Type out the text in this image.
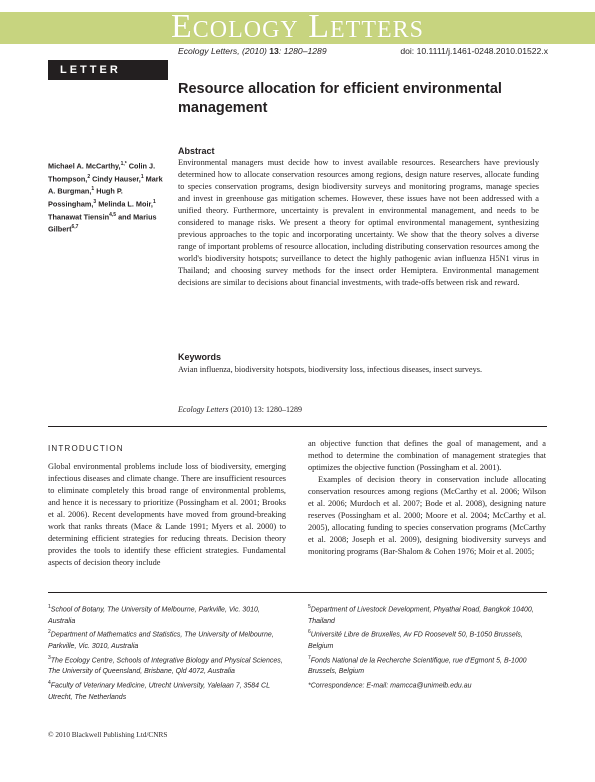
Ecology Letters
Ecology Letters, (2010) 13: 1280–1289	doi: 10.1111/j.1461-0248.2010.01522.x
LETTER
Resource allocation for efficient environmental management
Michael A. McCarthy,$^{1,*}$ Colin J. Thompson,$^2$ Cindy Hauser,$^1$ Mark A. Burgman,$^1$ Hugh P. Possingham,$^3$ Melinda L. Moir,$^1$ Thanawat Tiensin$^{4,5}$ and Marius Gilbert$^{6,7}$
Abstract
Environmental managers must decide how to invest available resources. Researchers have previously determined how to allocate conservation resources among regions, design nature reserves, allocate funding to species conservation programs, design biodiversity surveys and monitoring programs, manage species and invest in greenhouse gas mitigation schemes. However, these issues have not been addressed with a unified theory. Furthermore, uncertainty is prevalent in environmental management, and needs to be considered to manage risks. We present a theory for optimal environmental management, synthesizing previous approaches to the topic and incorporating uncertainty. We show that the theory solves a diverse range of important problems of resource allocation, including distributing conservation resources among the world's biodiversity hotspots; surveillance to detect the highly pathogenic avian influenza H5N1 virus in Thailand; and choosing survey methods for the insect order Hemiptera. Environmental management decisions are similar to decisions about financial investments, with trade-offs between risk and reward.
Keywords
Avian influenza, biodiversity hotspots, biodiversity loss, infectious diseases, insect surveys.
Ecology Letters (2010) 13: 1280–1289
INTRODUCTION

Global environmental problems include loss of biodiversity, emerging infectious diseases and climate change. There are insufficient resources to eliminate completely this broad range of environmental problems, and hence it is necessary to prioritize (Possingham et al. 2001; Brooks et al. 2006). Recent developments have moved from ground-breaking work that ranks threats (Mace & Lande 1991; Myers et al. 2000) to determining efficient strategies for reducing threats. Decision theory provides the tools to identify these efficient strategies. Fundamental aspects of decision theory include

an objective function that defines the goal of management, and a method to determine the combination of management strategies that optimizes the objective function (Possingham et al. 2001).

Examples of decision theory in conservation include allocating conservation resources among regions (McCarthy et al. 2006; Wilson et al. 2006; Murdoch et al. 2007; Bode et al. 2008), designing nature reserves (Possingham et al. 2000; Moore et al. 2004; McCarthy et al. 2005), allocating funding to species conservation programs (McCarthy et al. 2008; Joseph et al. 2009), designing biodiversity surveys and monitoring programs (Bar-Shalom & Cohen 1976; Moir et al. 2005;

$^1$School of Botany, The University of Melbourne, Parkville, Vic. 3010, Australia
$^2$Department of Mathematics and Statistics, The University of Melbourne, Parkville, Vic. 3010, Australia
$^3$The Ecology Centre, Schools of Integrative Biology and Physical Sciences, The University of Queensland, Brisbane, Qld 4072, Australia
$^4$Faculty of Veterinary Medicine, Utrecht University, Yalelaan 7, 3584 CL Utrecht, The Netherlands
$^5$Department of Livestock Development, Phyathai Road, Bangkok 10400, Thailand
$^6$Université Libre de Bruxelles, Av FD Roosevelt 50, B-1050 Brussels, Belgium
$^7$Fonds National de la Recherche Scientifique, rue d'Egmont 5, B-1000 Brussels, Belgium
*Correspondence: E-mail: mamcca@unimelb.edu.au
© 2010 Blackwell Publishing Ltd/CNRS
